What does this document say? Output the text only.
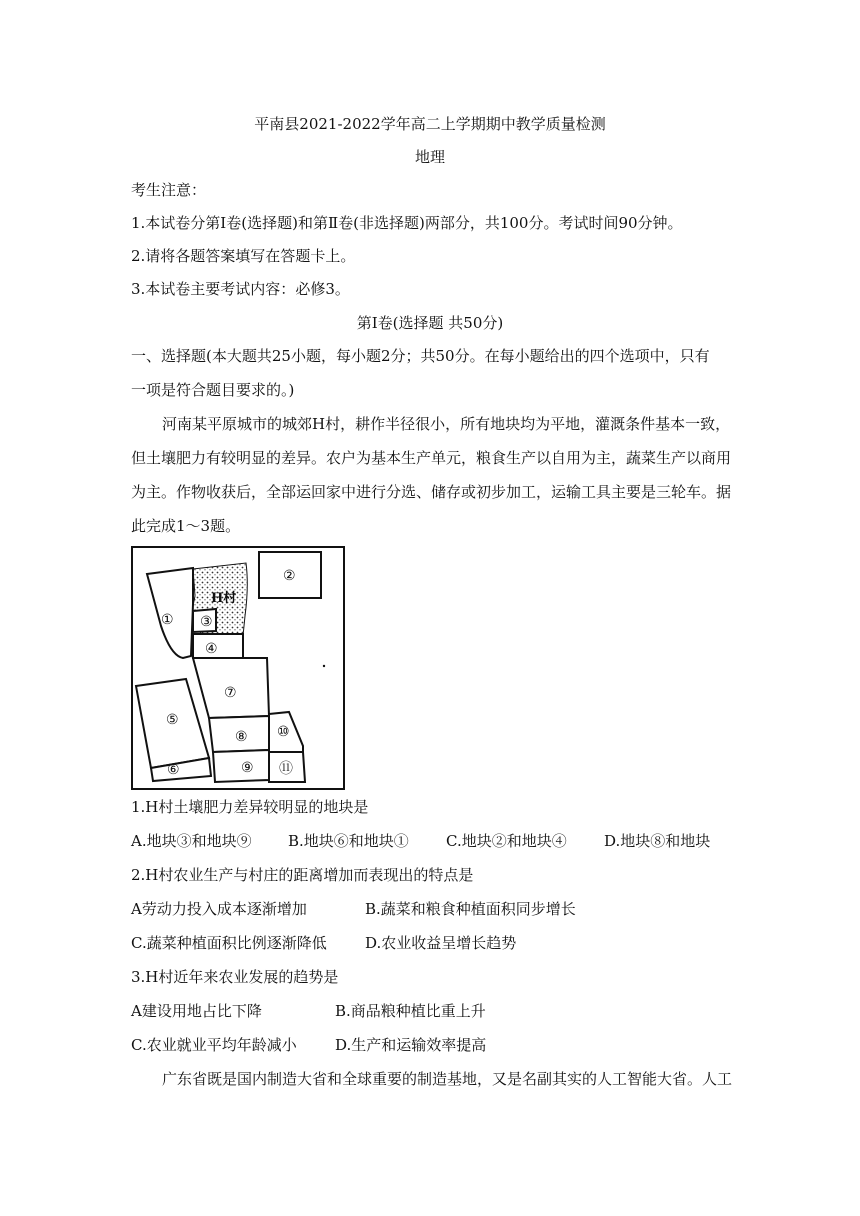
平南县2021-2022学年高二上学期期中教学质量检测
地理
考生注意：
1.本试卷分第Ⅰ卷(选择题)和第Ⅱ卷(非选择题)两部分，共100分。考试时间90分钟。
2.请将各题答案填写在答题卡上。
3.本试卷主要考试内容：必修3。
第Ⅰ卷(选择题 共50分)
一、选择题(本大题共25小题，每小题2分；共50分。在每小题给出的四个选项中，只有
一项是符合题目要求的。)
河南某平原城市的城郊H村，耕作半径很小，所有地块均为平地，灌溉条件基本一致，
但土壤肥力有较明显的差异。农户为基本生产单元，粮食生产以自用为主，蔬菜生产以商用
为主。作物收获后，全部运回家中进行分选、储存或初步加工，运输工具主要是三轮车。据
此完成1～3题。
①
②
③
④
⑤
⑥
⑦
⑧
⑨
⑩
⑪
H村
1.H村土壤肥力差异较明显的地块是
A.地块③和地块⑨ B.地块⑥和地块① C.地块②和地块④ D.地块⑧和地块
2.H村农业生产与村庄的距离增加而表现出的特点是
A劳动力投入成本逐渐增加	B.蔬菜和粮食种植面积同步增长
C.蔬菜种植面积比例逐渐降低	D.农业收益呈增长趋势
3.H村近年来农业发展的趋势是
A建设用地占比下降	B.商品粮种植比重上升
C.农业就业平均年龄减小	D.生产和运输效率提高
广东省既是国内制造大省和全球重要的制造基地，又是名副其实的人工智能大省。人工
